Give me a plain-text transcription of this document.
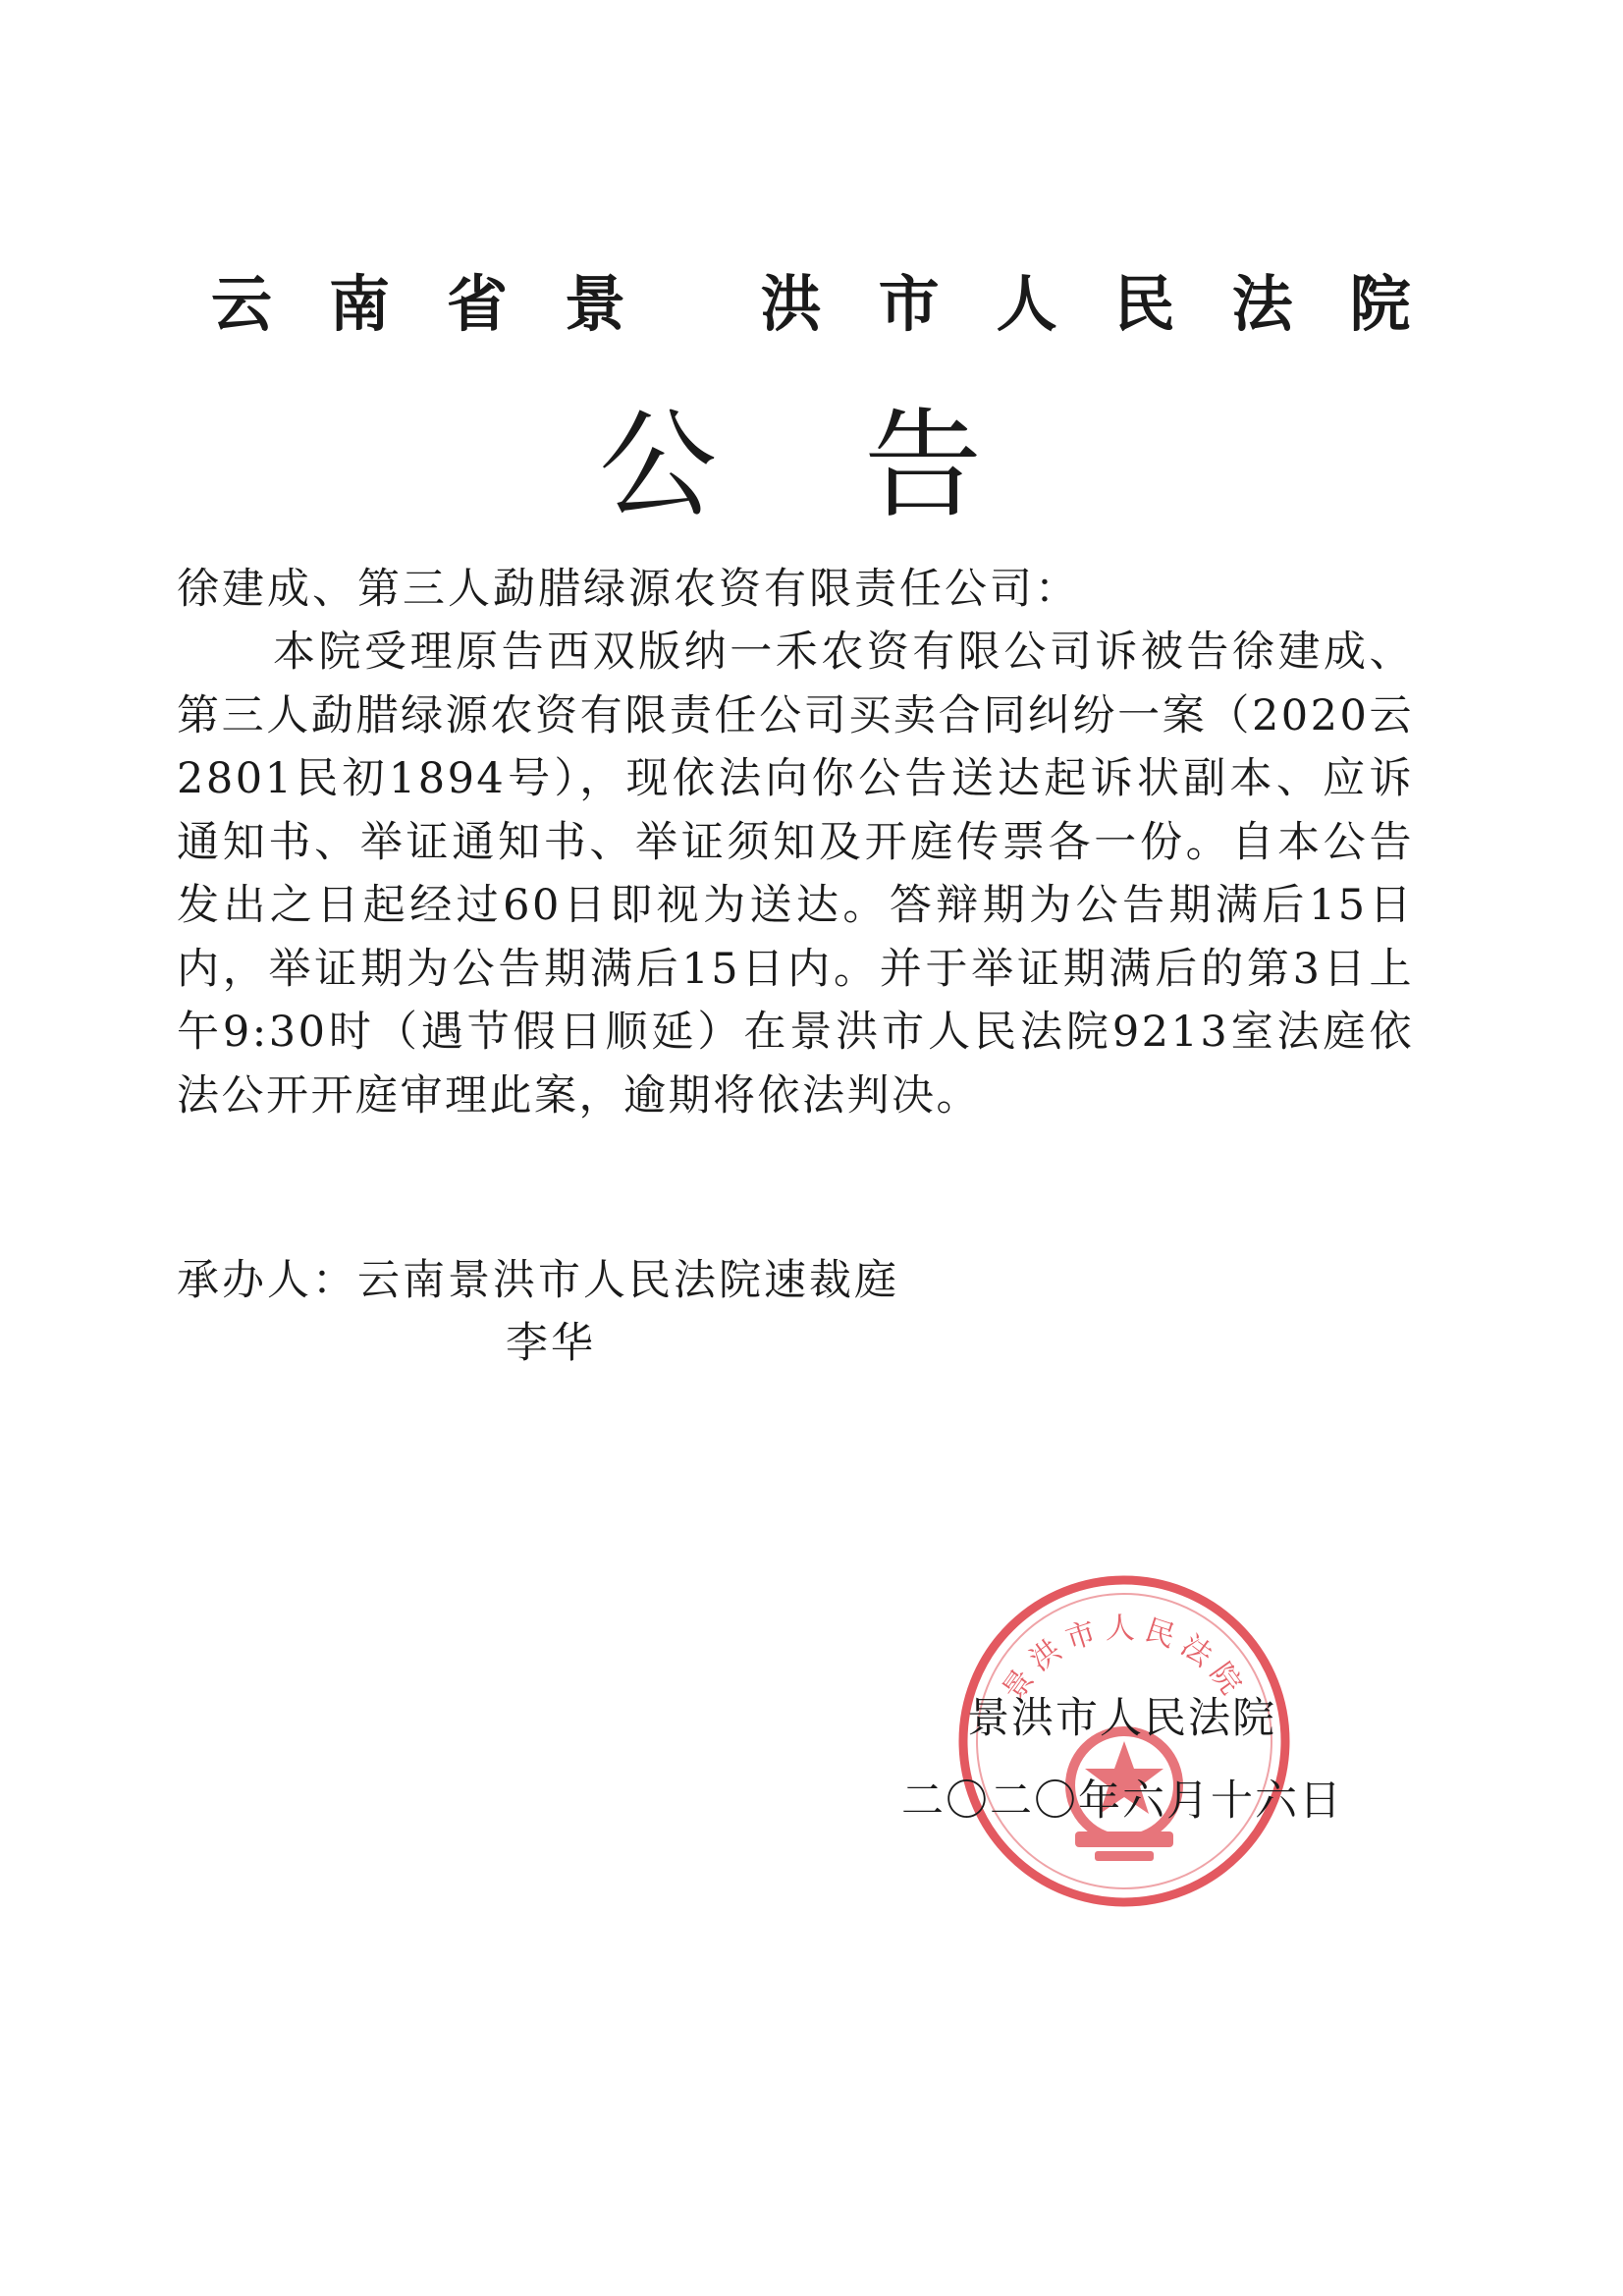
云南省景 洪市人民法院
公告
徐建成、第三人勐腊绿源农资有限责任公司：
本院受理原告西双版纳一禾农资有限公司诉被告徐建成、第三人勐腊绿源农资有限责任公司买卖合同纠纷一案（2020云2801民初1894号），现依法向你公告送达起诉状副本、应诉通知书、举证通知书、举证须知及开庭传票各一份。自本公告发出之日起经过60日即视为送达。答辩期为公告期满后15日内，举证期为公告期满后15日内。并于举证期满后的第3日上午9:30时（遇节假日顺延）在景洪市人民法院9213室法庭依法公开开庭审理此案，逾期将依法判决。
承办人：云南景洪市人民法院速裁庭
李华
景洪市人民法院
景洪市人民法院
二〇二〇年六月十六日
